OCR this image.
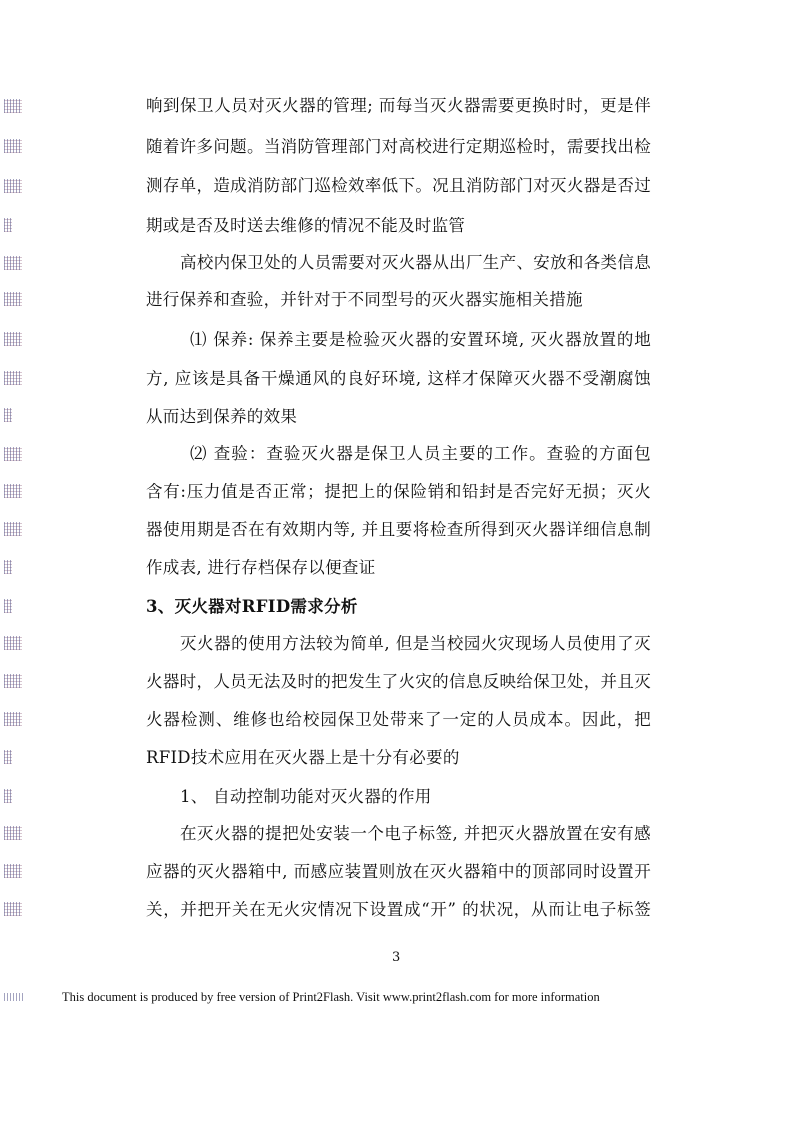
响到保卫人员对灭火器的管理; 而每当灭火器需要更换时时，更是伴
随着许多问题。当消防管理部门对高校进行定期巡检时，需要找出检
测存单，造成消防部门巡检效率低下。况且消防部门对灭火器是否过
期或是否及时送去维修的情况不能及时监管
高校内保卫处的人员需要对灭火器从出厂生产、安放和各类信息
进行保养和查验，并针对于不同型号的灭火器实施相关措施
⑴ 保养: 保养主要是检验灭火器的安置环境, 灭火器放置的地
方, 应该是具备干燥通风的良好环境, 这样才保障灭火器不受潮腐蚀
从而达到保养的效果
⑵ 查验：查验灭火器是保卫人员主要的工作。查验的方面包
含有:压力值是否正常；提把上的保险销和铅封是否完好无损；灭火
器使用期是否在有效期内等, 并且要将检查所得到灭火器详细信息制
作成表, 进行存档保存以便查证
3、灭火器对RFID需求分析
灭火器的使用方法较为简单, 但是当校园火灾现场人员使用了灭
火器时，人员无法及时的把发生了火灾的信息反映给保卫处，并且灭
火器检测、维修也给校园保卫处带来了一定的人员成本。因此，把
RFID技术应用在灭火器上是十分有必要的
1、 自动控制功能对灭火器的作用
在灭火器的提把处安装一个电子标签, 并把灭火器放置在安有感
应器的灭火器箱中, 而感应装置则放在灭火器箱中的顶部同时设置开
关，并把开关在无火灾情况下设置成“开” 的状况，从而让电子标签
3
This document is produced by free version of Print2Flash. Visit www.print2flash.com for more information
